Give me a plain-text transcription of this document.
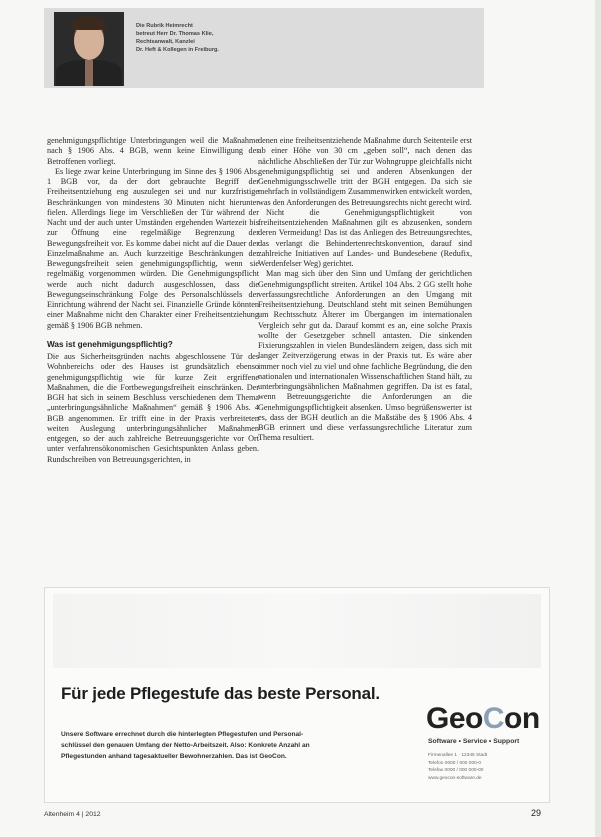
Die Rubrik Heimrecht
betreut Herr Dr. Thomas Klie,
Rechtsanwalt, Kanzlei
Dr. Heft & Kollegen in Freiburg.

genehmigungspflichtige Unterbringungen weil die Maßnahme nach § 1906 Abs. 4 BGB, wenn keine Einwilligung der Betroffenen vorliegt.

Es liege zwar keine Unterbringung im Sinne des § 1906 Abs. 1 BGB vor, da der dort gebrauchte Begriff der Freiheitsentziehung eng auszulegen sei und nur kurzfristige Beschränkungen von mindestens 30 Minuten nicht hierunter fielen. Allerdings liege im Verschließen der Tür während der Nacht und der auch unter Umständen ergehenden Wartezeit bis zur Öffnung eine regelmäßige Begrenzung der Bewegungsfreiheit vor. Es komme dabei nicht auf die Dauer der Einzelmaßnahme an. Auch kurzzeitige Beschränkungen der Bewegungsfreiheit seien genehmigungspflichtig, wenn sie regelmäßig vorgenommen würden. Die Genehmigungspflicht werde auch nicht dadurch ausgeschlossen, dass die Bewegungseinschränkung Folge des Personalschlüssels der Einrichtung während der Nacht sei. Finanzielle Gründe könnten einer Maßnahme nicht den Charakter einer Freiheitsentziehung gemäß § 1906 BGB nehmen.

Was ist genehmigungspflichtig?

Die aus Sicherheitsgründen nachts abgeschlossene Tür des Wohnbereichs oder des Hauses ist grundsätzlich ebenso genehmigungspflichtig wie für kurze Zeit ergriffene Maßnahmen, die die Fortbewegungsfreiheit einschränken. Der BGH hat sich in seinem Beschluss verschiedenen dem Thema „unterbringungsähnliche Maßnahmen“ gemäß § 1906 Abs. 4 BGB angenommen. Er trifft eine in der Praxis verbreiteten weiten Auslegung unterbringungsähnlicher Maßnahmen entgegen, so der auch zahlreiche Betreuungsgerichte vor Ort unter verfahrensökonomischen Gesichtspunkten Anlass geben. Rundschreiben von Betreuungsgerichten, in

denen eine freiheitsentziehende Maßnahme durch Seitenteile erst ab einer Höhe von 30 cm „geben soll“, nach denen das nächtliche Abschließen der Tür zur Wohngruppe gleichfalls nicht genehmigungspflichtig sei und anderen Absenkungen der Genehmigungsschwelle tritt der BGH entgegen. Da sich sie mehrfach in vollständigem Zusammenwirken entwickelt worden, was den Anforderungen des Betreuungsrechts nicht gerecht wird.

Nicht die Genehmigungspflichtigkeit von freiheitsentziehenden Maßnahmen gilt es abzusenken, sondern deren Vermeidung! Das ist das Anliegen des Betreuungsrechtes, das verlangt die Behindertenrechtskonvention, darauf sind zahlreiche Initiativen auf Landes- und Bundesebene (Redufix, Werdenfelser Weg) gerichtet.

Man mag sich über den Sinn und Umfang der gerichtlichen Genehmigungspflicht streiten. Artikel 104 Abs. 2 GG stellt hohe verfassungsrechtliche Anforderungen an den Umgang mit Freiheitsentziehung. Deutschland steht mit seinen Bemühungen um Rechtsschutz Älterer im Übergangen im internationalen Vergleich sehr gut da. Darauf kommt es an, eine solche Praxis wollte der Gesetzgeber schnell antasten. Die sinkenden Fixierungszahlen in vielen Bundesländern zeigen, dass sich mit langer Zeitverzögerung etwas in der Praxis tut. Es wäre aber immer noch viel zu viel und ohne fachliche Begründung, die den nationalen und internationalen Wissenschaftlichen Stand hält, zu unterbringungsähnlichen Maßnahmen gegriffen. Da ist es fatal, wenn Betreuungsgerichte die Anforderungen an die Genehmigungspflichtigkeit absenken. Umso begrüßenswerter ist es, dass der BGH deutlich an die Maßstäbe des § 1906 Abs. 4 BGB erinnert und diese verfassungsrechtliche Literatur zum Thema resultiert.

Für jede Pflegestufe das beste Personal.
Unsere Software errechnet durch die hinterlegten Pflegestufen und Personal-
schlüssel den genauen Umfang der Netto-Arbeitszeit. Also: Konkrete Anzahl an
Pflegestunden anhand tagesaktueller Bewohnerzahlen. Das ist GeoCon.
GeoCon
Software • Service • Support
Firmenallee 1 · 12345 Stadt
Telefon 0000 / 000 000-0
Telefax 0000 / 000 000-00
www.geocon-software.de
Altenheim 4 | 2012	29
